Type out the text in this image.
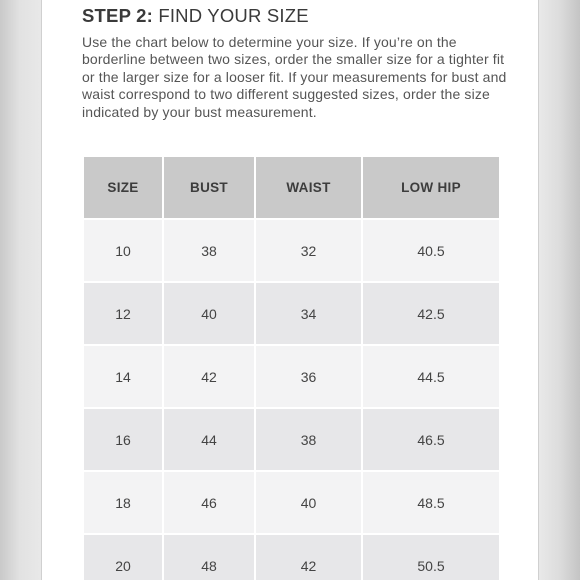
STEP 2: FIND YOUR SIZE

Use the chart below to determine your size. If you’re on the borderline between two sizes, order the smaller size for a tighter fit or the larger size for a looser fit. If your measurements for bust and waist correspond to two different suggested sizes, order the size indicated by your bust measurement.

SIZE	BUST	WAIST	LOW HIP
10	38	32	40.5
12	40	34	42.5
14	42	36	44.5
16	44	38	46.5
18	46	40	48.5
20	48	42	50.5
